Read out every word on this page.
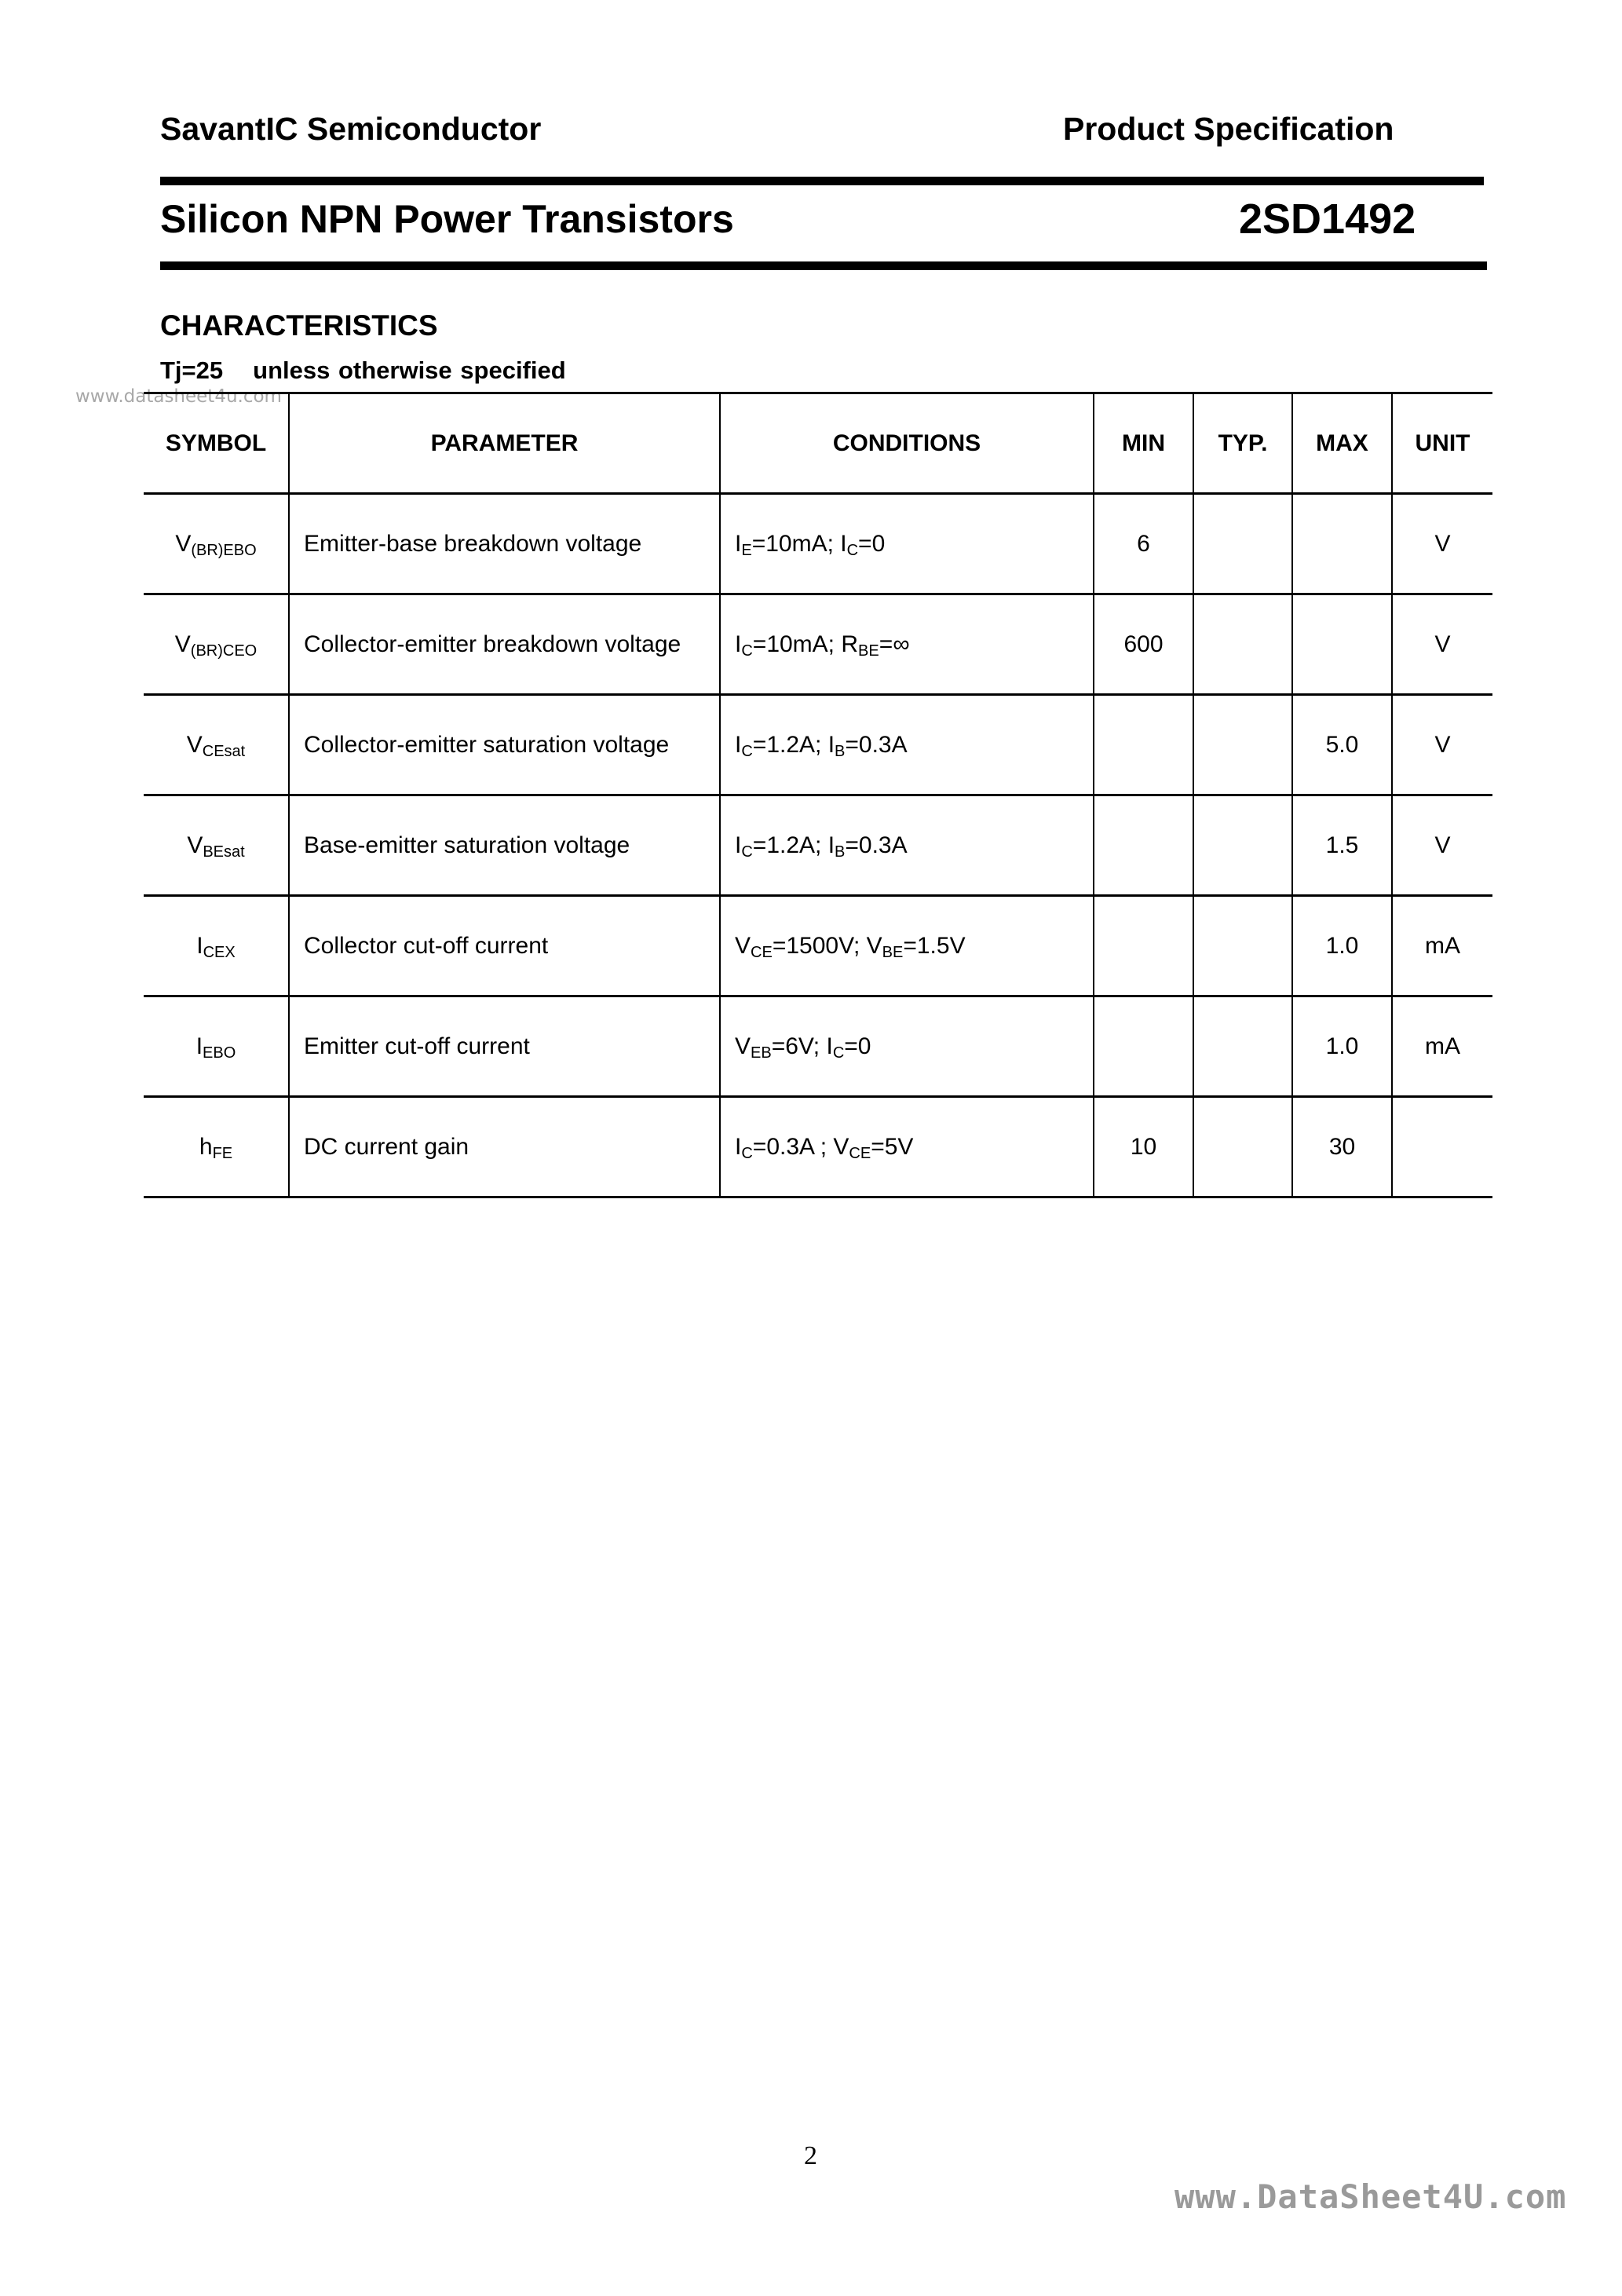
SavantIC Semiconductor	Product Specification
Silicon NPN Power Transistors	2SD1492
CHARACTERISTICS
Tj=25 unless otherwise specified
www.datasheet4u.com
SYMBOL	PARAMETER	CONDITIONS	MIN	TYP.	MAX	UNIT
$V_{(BR)EBO}$	Emitter-base breakdown voltage	$I_E=10mA$; $I_C=0$	6			V
$V_{(BR)CEO}$	Collector-emitter breakdown voltage	$I_C=10mA$; $R_{BE}=\infty$	600			V
$V_{CEsat}$	Collector-emitter saturation voltage	$I_C=1.2A$; $I_B=0.3A$			5.0	V
$V_{BEsat}$	Base-emitter saturation voltage	$I_C=1.2A$; $I_B=0.3A$			1.5	V
$I_{CEX}$	Collector cut-off current	$V_{CE}=1500V$; $V_{BE}=1.5V$			1.0	mA
$I_{EBO}$	Emitter cut-off current	$V_{EB}=6V$; $I_C=0$			1.0	mA
$h_{FE}$	DC current gain	$I_C=0.3A$ ; $V_{CE}=5V$	10		30	
2
www.DataSheet4U.com
